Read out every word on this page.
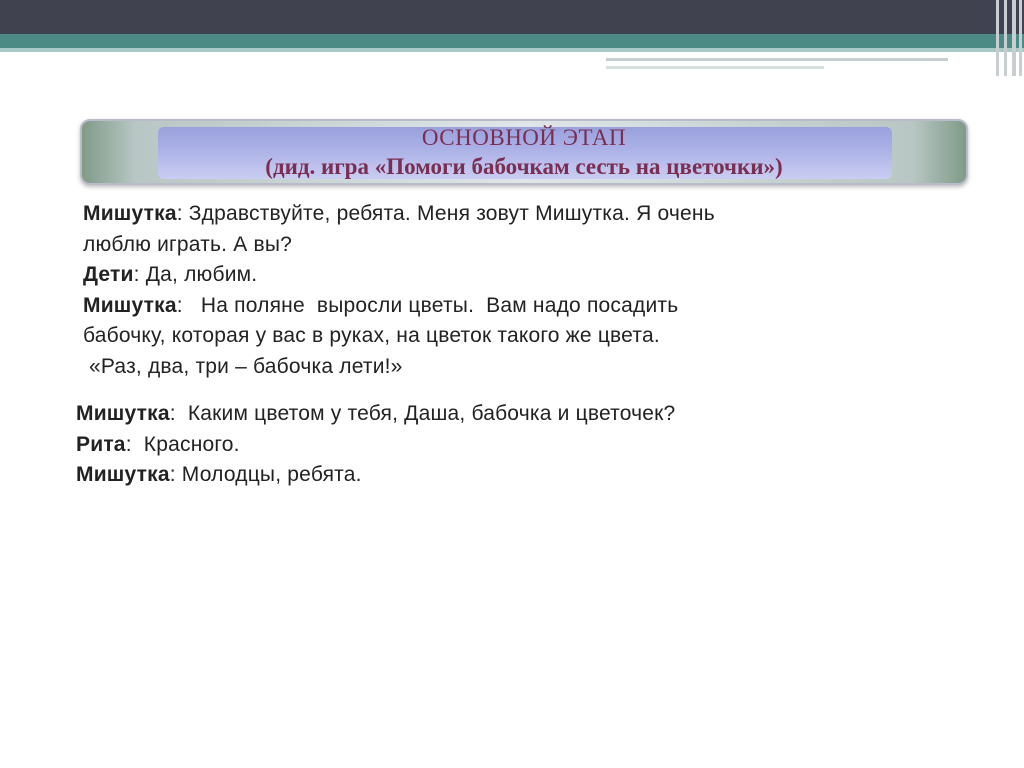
ОСНОВНОЙ ЭТАП
(дид. игра «Помоги бабочкам сесть на цветочки»)

Мишутка: Здравствуйте, ребята. Меня зовут Мишутка. Я очень

люблю играть. А вы?

Дети: Да, любим.

Мишутка:   На поляне  выросли цветы.  Вам надо посадить

бабочку, которая у вас в руках, на цветок такого же цвета.

«Раз, два, три – бабочка лети!»

Мишутка:  Каким цветом у тебя, Даша, бабочка и цветочек?

Рита:  Красного.

Мишутка: Молодцы, ребята.
